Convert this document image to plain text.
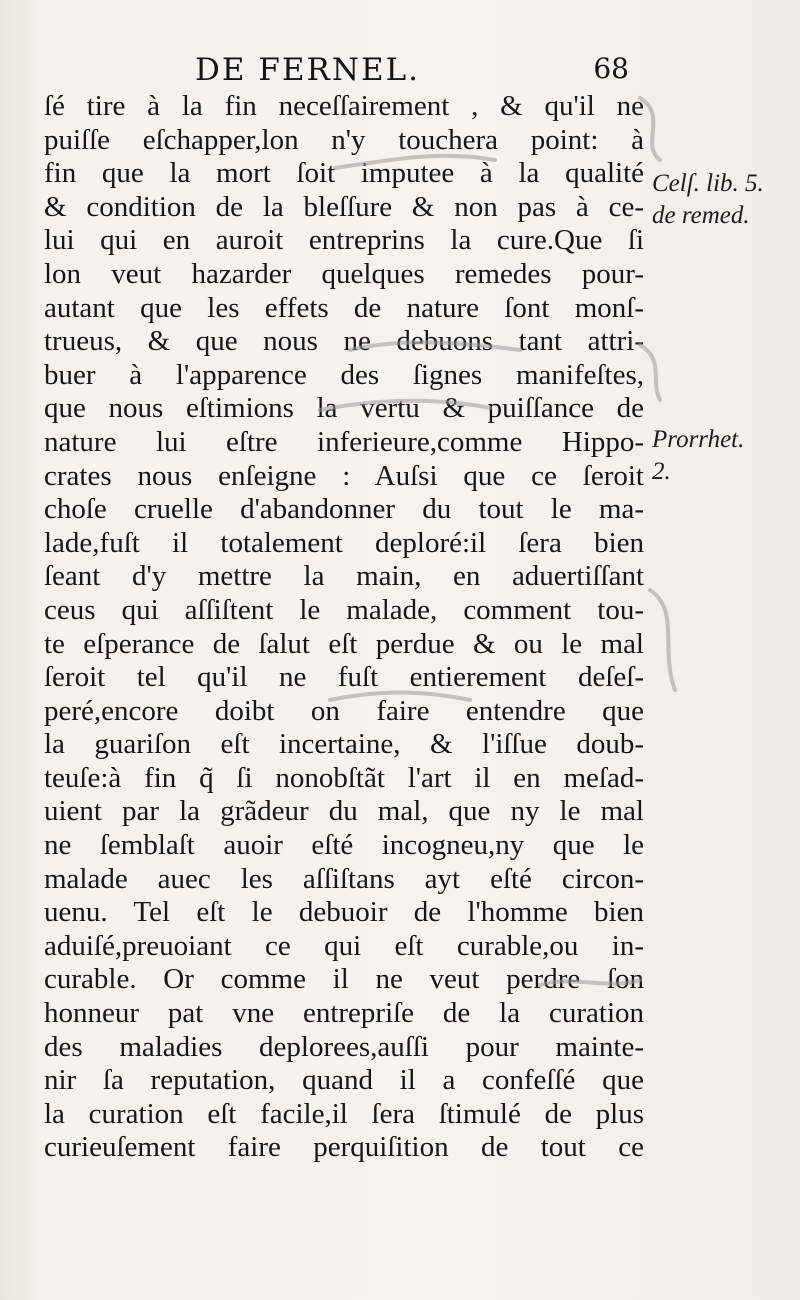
DE FERNEL.	68
ſé tire à la fin neceſſairement , & qu'il ne
puiſſe eſchapper,lon n'y touchera point: à
fin que la mort ſoit imputee à la qualité
& condition de la bleſſure & non pas à ce-
lui qui en auroit entreprins la cure.Que ſi
lon veut hazarder quelques remedes pour-
autant que les effets de nature ſont monſ-
trueus, & que nous ne debuons tant attri-
buer à l'apparence des ſignes manifeſtes,
que nous eſtimions la vertu & puiſſance de
nature lui eſtre inferieure,comme Hippo-
crates nous enſeigne : Auſsi que ce ſeroit
choſe cruelle d'abandonner du tout le ma-
lade,fuſt il totalement deploré:il ſera bien
ſeant d'y mettre la main, en aduertiſſant
ceus qui aſſiſtent le malade, comment tou-
te eſperance de ſalut eſt perdue & ou le mal
ſeroit tel qu'il ne fuſt entierement deſeſ-
peré,encore doibt on faire entendre que
la guariſon eſt incertaine, & l'iſſue doub-
teuſe:à fin q̃ ſi nonobſtãt l'art il en meſad-
uient par la grãdeur du mal, que ny le mal
ne ſemblaſt auoir eſté incogneu,ny que le
malade auec les aſſiſtans ayt eſté circon-
uenu. Tel eſt le debuoir de l'homme bien
aduiſé,preuoiant ce qui eſt curable,ou in-
curable. Or comme il ne veut perdre ſon
honneur pat vne entrepriſe de la curation
des maladies deplorees,auſſi pour mainte-
nir ſa reputation, quand il a confeſſé que
la curation eſt facile,il ſera ſtimulé de plus
curieuſement faire perquiſition de tout ce
Celſ. lib. 5.
de remed.
Prorrhet.
2.
